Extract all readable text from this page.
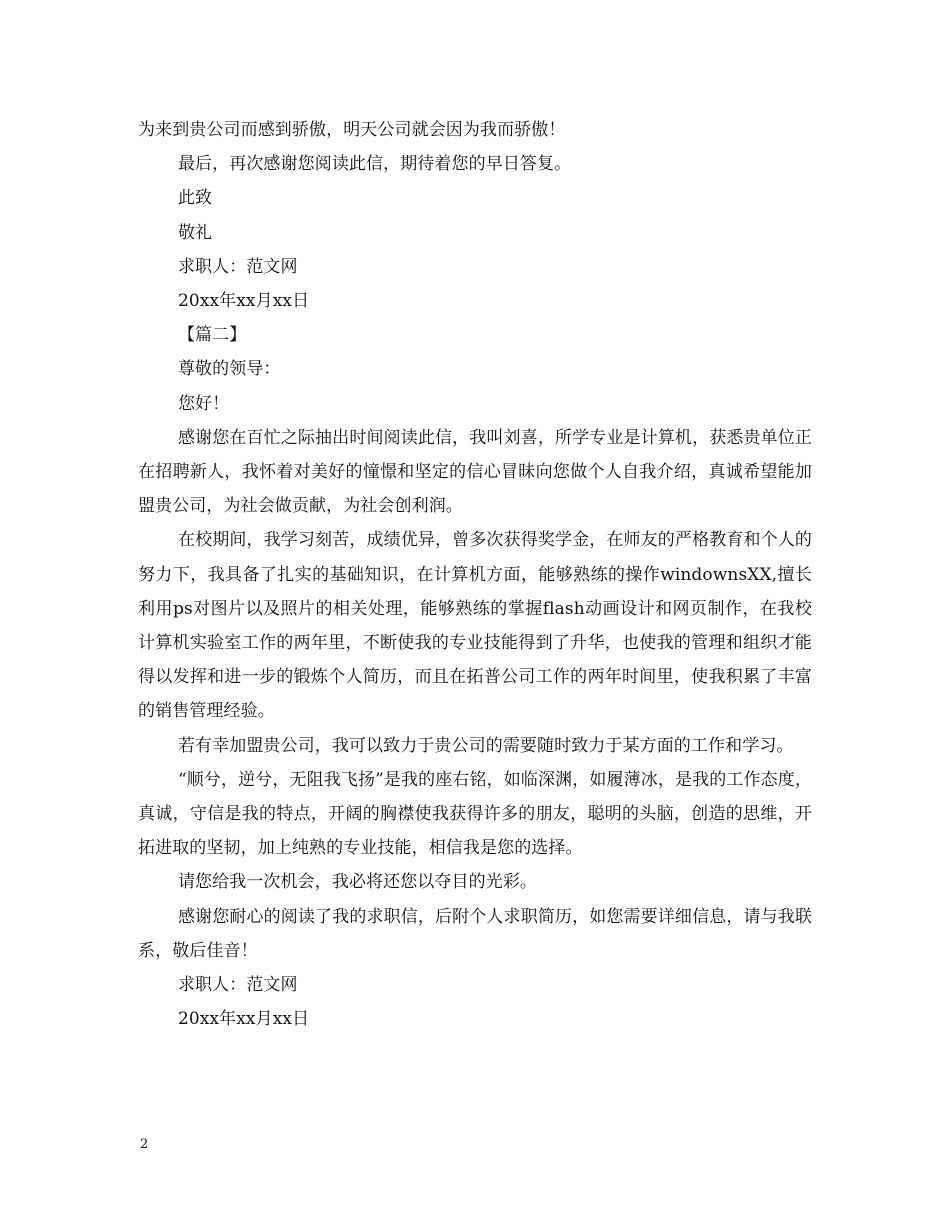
为来到贵公司而感到骄傲，明天公司就会因为我而骄傲！

最后，再次感谢您阅读此信，期待着您的早日答复。

此致

敬礼

求职人：范文网

20xx年xx月xx日

【篇二】

尊敬的领导：

您好！

感谢您在百忙之际抽出时间阅读此信，我叫刘喜，所学专业是计算机，获悉贵单位正在招聘新人，我怀着对美好的憧憬和坚定的信心冒昧向您做个人自我介绍，真诚希望能加盟贵公司，为社会做贡献，为社会创利润。

在校期间，我学习刻苦，成绩优异，曾多次获得奖学金，在师友的严格教育和个人的努力下，我具备了扎实的基础知识，在计算机方面，能够熟练的操作windownsXX,擅长利用ps对图片以及照片的相关处理，能够熟练的掌握flash动画设计和网页制作，在我校计算机实验室工作的两年里，不断使我的专业技能得到了升华，也使我的管理和组织才能得以发挥和进一步的锻炼个人简历，而且在拓普公司工作的两年时间里，使我积累了丰富的销售管理经验。

若有幸加盟贵公司，我可以致力于贵公司的需要随时致力于某方面的工作和学习。

“顺兮，逆兮，无阻我飞扬”是我的座右铭，如临深渊，如履薄冰，是我的工作态度，真诚，守信是我的特点，开阔的胸襟使我获得许多的朋友，聪明的头脑，创造的思维，开拓进取的坚韧，加上纯熟的专业技能，相信我是您的选择。

请您给我一次机会，我必将还您以夺目的光彩。

感谢您耐心的阅读了我的求职信，后附个人求职简历，如您需要详细信息，请与我联系，敬后佳音！

求职人：范文网

20xx年xx月xx日

2
